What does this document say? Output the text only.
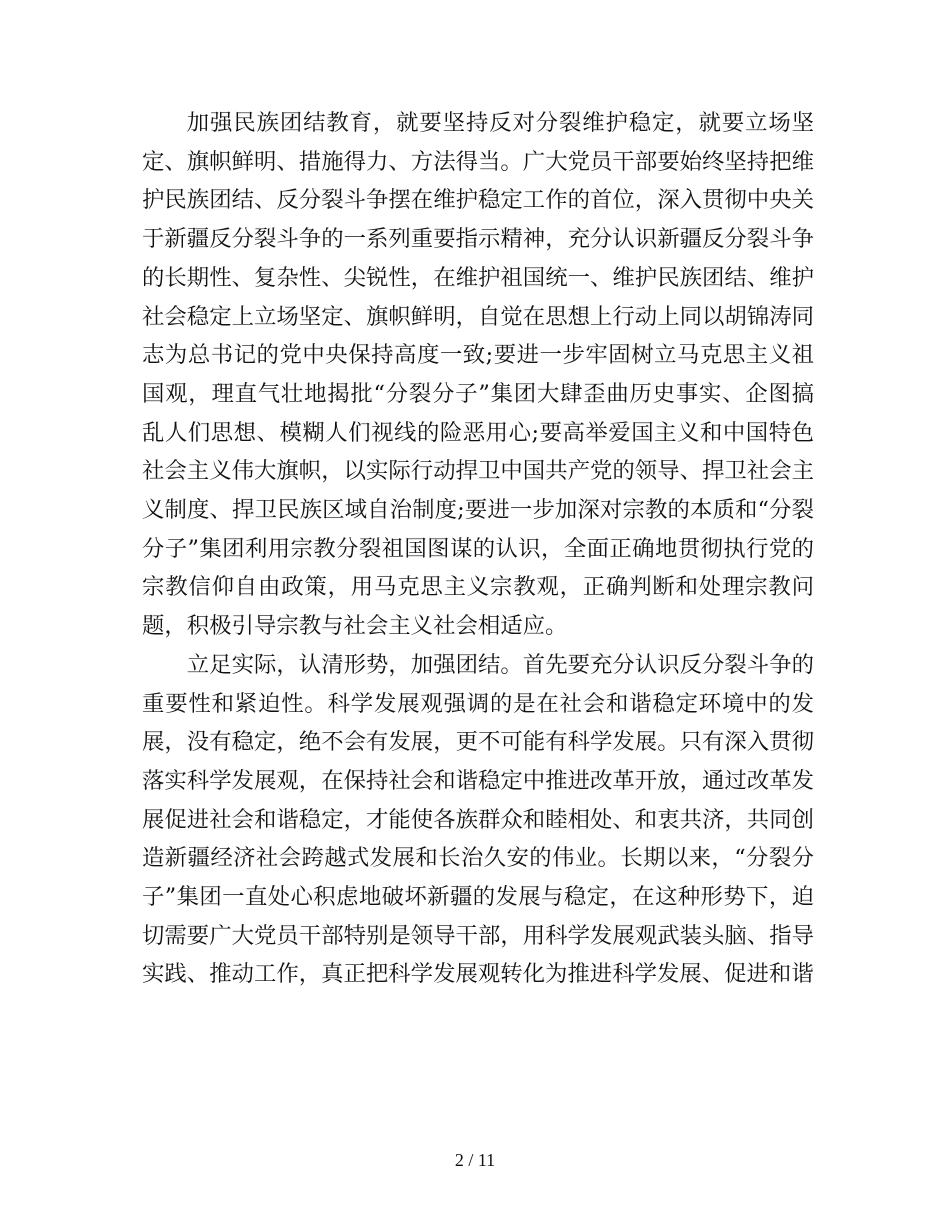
加强民族团结教育，就要坚持反对分裂维护稳定，就要立场坚定、旗帜鲜明、措施得力、方法得当。广大党员干部要始终坚持把维护民族团结、反分裂斗争摆在维护稳定工作的首位，深入贯彻中央关于新疆反分裂斗争的一系列重要指示精神，充分认识新疆反分裂斗争的长期性、复杂性、尖锐性，在维护祖国统一、维护民族团结、维护社会稳定上立场坚定、旗帜鲜明，自觉在思想上行动上同以胡锦涛同志为总书记的党中央保持高度一致;要进一步牢固树立马克思主义祖国观，理直气壮地揭批“分裂分子”集团大肆歪曲历史事实、企图搞乱人们思想、模糊人们视线的险恶用心;要高举爱国主义和中国特色社会主义伟大旗帜，以实际行动捍卫中国共产党的领导、捍卫社会主义制度、捍卫民族区域自治制度;要进一步加深对宗教的本质和“分裂分子”集团利用宗教分裂祖国图谋的认识，全面正确地贯彻执行党的宗教信仰自由政策，用马克思主义宗教观，正确判断和处理宗教问题，积极引导宗教与社会主义社会相适应。

立足实际，认清形势，加强团结。首先要充分认识反分裂斗争的重要性和紧迫性。科学发展观强调的是在社会和谐稳定环境中的发展，没有稳定，绝不会有发展，更不可能有科学发展。只有深入贯彻落实科学发展观，在保持社会和谐稳定中推进改革开放，通过改革发展促进社会和谐稳定，才能使各族群众和睦相处、和衷共济，共同创造新疆经济社会跨越式发展和长治久安的伟业。长期以来，“分裂分子”集团一直处心积虑地破坏新疆的发展与稳定，在这种形势下，迫切需要广大党员干部特别是领导干部，用科学发展观武装头脑、指导实践、推动工作，真正把科学发展观转化为推进科学发展、促进和谐

2 / 11
